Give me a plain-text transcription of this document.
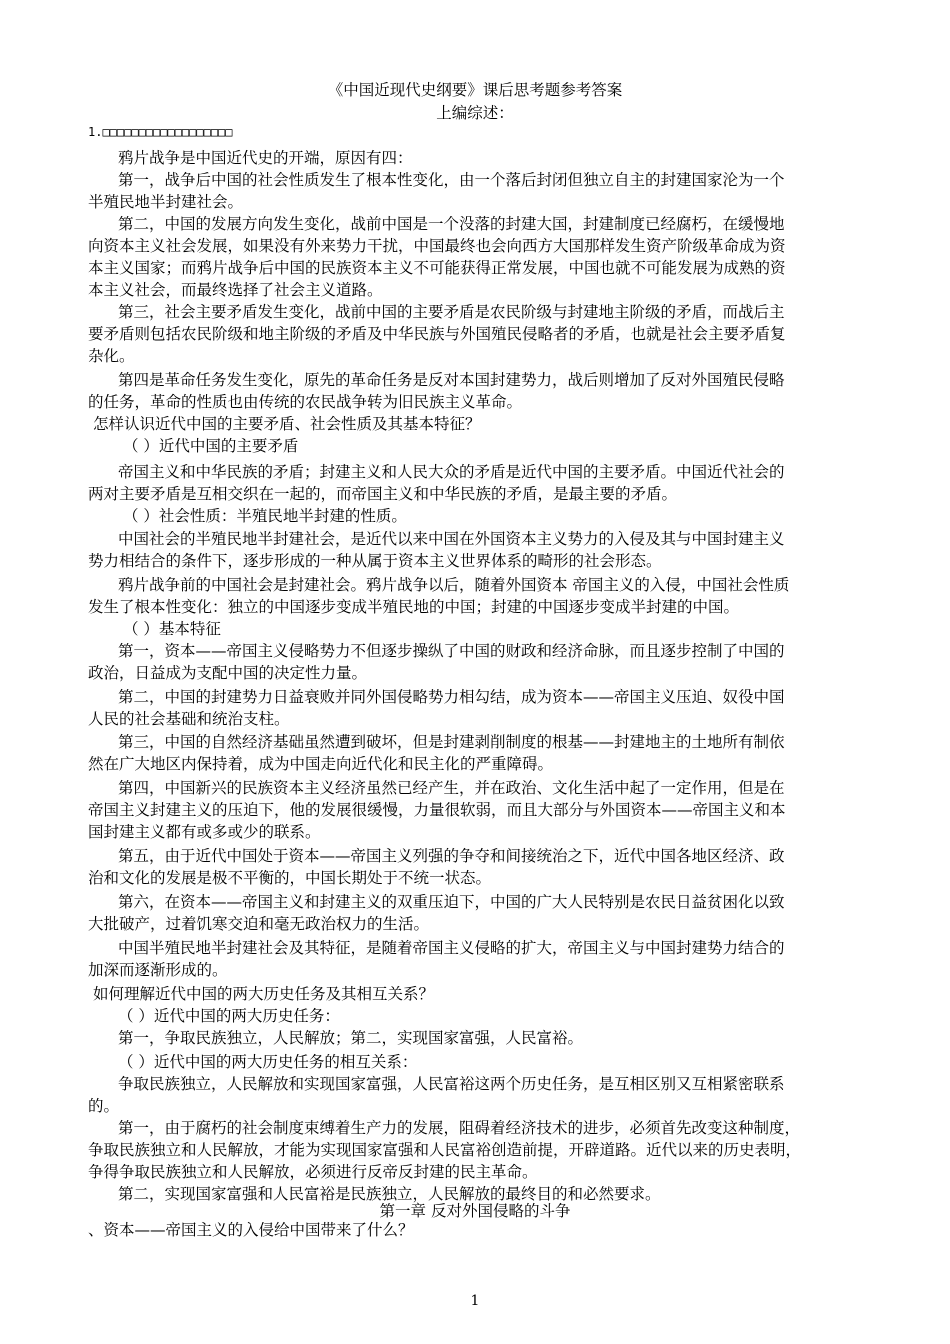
《中国近现代史纲要》课后思考题参考答案
上编综述：
1.□□□□□□□□□□□□□□□□□□
鸦片战争是中国近代史的开端，原因有四：
第一，战争后中国的社会性质发生了根本性变化，由一个落后封闭但独立自主的封建国家沦为一个
半殖民地半封建社会。
第二，中国的发展方向发生变化，战前中国是一个没落的封建大国，封建制度已经腐朽，在缓慢地
向资本主义社会发展，如果没有外来势力干扰，中国最终也会向西方大国那样发生资产阶级革命成为资
本主义国家；而鸦片战争后中国的民族资本主义不可能获得正常发展，中国也就不可能发展为成熟的资
本主义社会，而最终选择了社会主义道路。
第三，社会主要矛盾发生变化，战前中国的主要矛盾是农民阶级与封建地主阶级的矛盾，而战后主
要矛盾则包括农民阶级和地主阶级的矛盾及中华民族与外国殖民侵略者的矛盾，也就是社会主要矛盾复
杂化。
第四是革命任务发生变化，原先的革命任务是反对本国封建势力，战后则增加了反对外国殖民侵略
的任务，革命的性质也由传统的农民战争转为旧民族主义革命。
怎样认识近代中国的主要矛盾、社会性质及其基本特征？
（ ）近代中国的主要矛盾
帝国主义和中华民族的矛盾；封建主义和人民大众的矛盾是近代中国的主要矛盾。中国近代社会的
两对主要矛盾是互相交织在一起的，而帝国主义和中华民族的矛盾，是最主要的矛盾。
（ ）社会性质：半殖民地半封建的性质。
中国社会的半殖民地半封建社会，是近代以来中国在外国资本主义势力的入侵及其与中国封建主义
势力相结合的条件下，逐步形成的一种从属于资本主义世界体系的畸形的社会形态。
鸦片战争前的中国社会是封建社会。鸦片战争以后，随着外国资本 帝国主义的入侵，中国社会性质
发生了根本性变化：独立的中国逐步变成半殖民地的中国；封建的中国逐步变成半封建的中国。
（ ）基本特征
第一，资本——帝国主义侵略势力不但逐步操纵了中国的财政和经济命脉，而且逐步控制了中国的
政治，日益成为支配中国的决定性力量。
第二，中国的封建势力日益衰败并同外国侵略势力相勾结，成为资本——帝国主义压迫、奴役中国
人民的社会基础和统治支柱。
第三，中国的自然经济基础虽然遭到破坏，但是封建剥削制度的根基——封建地主的土地所有制依
然在广大地区内保持着，成为中国走向近代化和民主化的严重障碍。
第四，中国新兴的民族资本主义经济虽然已经产生，并在政治、文化生活中起了一定作用，但是在
帝国主义封建主义的压迫下，他的发展很缓慢，力量很软弱，而且大部分与外国资本——帝国主义和本
国封建主义都有或多或少的联系。
第五，由于近代中国处于资本——帝国主义列强的争夺和间接统治之下，近代中国各地区经济、政
治和文化的发展是极不平衡的，中国长期处于不统一状态。
第六，在资本——帝国主义和封建主义的双重压迫下，中国的广大人民特别是农民日益贫困化以致
大批破产，过着饥寒交迫和毫无政治权力的生活。
中国半殖民地半封建社会及其特征，是随着帝国主义侵略的扩大，帝国主义与中国封建势力结合的
加深而逐渐形成的。
如何理解近代中国的两大历史任务及其相互关系？
（ ）近代中国的两大历史任务：
第一，争取民族独立，人民解放；第二，实现国家富强，人民富裕。
（ ）近代中国的两大历史任务的相互关系：
争取民族独立，人民解放和实现国家富强，人民富裕这两个历史任务，是互相区别又互相紧密联系
的。
第一，由于腐朽的社会制度束缚着生产力的发展，阻碍着经济技术的进步，必须首先改变这种制度，
争取民族独立和人民解放，才能为实现国家富强和人民富裕创造前提，开辟道路。近代以来的历史表明，
争得争取民族独立和人民解放，必须进行反帝反封建的民主革命。
第二，实现国家富强和人民富裕是民族独立，人民解放的最终目的和必然要求。
第一章 反对外国侵略的斗争
、资本——帝国主义的入侵给中国带来了什么？
1
